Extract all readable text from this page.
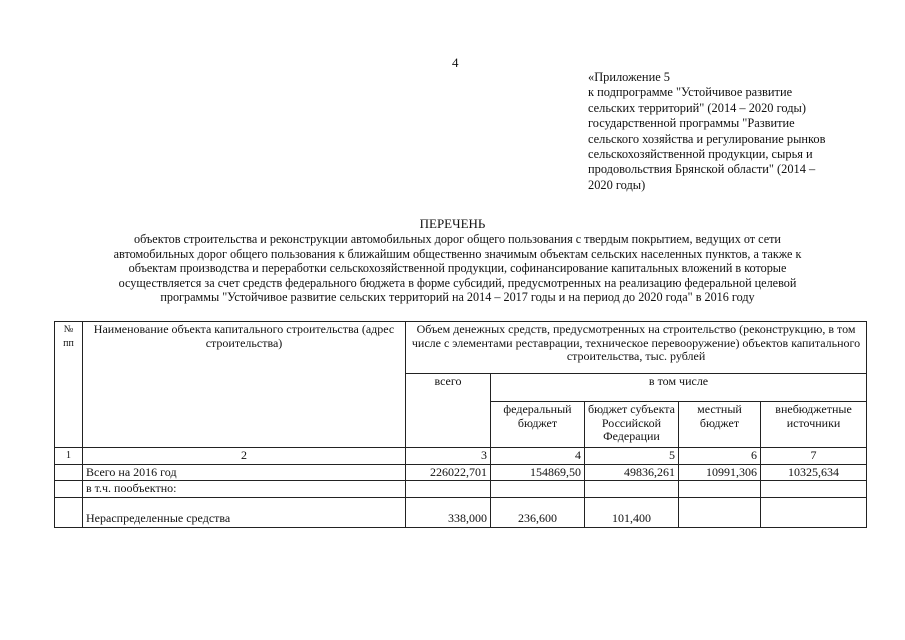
4
«Приложение 5
к подпрограмме "Устойчивое развитие
сельских территорий" (2014 – 2020 годы)
государственной программы "Развитие
сельского хозяйства и регулирование рынков
сельскохозяйственной продукции, сырья и
продовольствия Брянской области" (2014 –
2020 годы)
ПЕРЕЧЕНЬ
объектов строительства и реконструкции автомобильных дорог общего пользования с твердым покрытием, ведущих от сети
автомобильных дорог общего пользования к ближайшим общественно значимым объектам сельских населенных пунктов, а также к
объектам производства и переработки сельскохозяйственной продукции, софинансирование капитальных вложений в которые
осуществляется за счет средств федерального бюджета в форме субсидий, предусмотренных на реализацию федеральной целевой
программы "Устойчивое развитие сельских территорий на 2014 – 2017 годы и на период до 2020 года" в 2016 году
№ пп	Наименование объекта капитального строительства (адрес строительства)	Объем денежных средств, предусмотренных на строительство (реконструкцию, в том числе с элементами реставрации, техническое перевооружение) объектов капитального строительства, тыс. рублей				
		всего	в том числе			
			федеральный бюджет	бюджет субъекта Российской Федерации	местный бюджет	внебюджетные источники
1	2	3	4	5	6	7
	Всего на 2016 год	226022,701	154869,50	49836,261	10991,306	10325,634
	в т.ч. пообъектно:					
	Нераспределенные средства	338,000	236,600	101,400		
